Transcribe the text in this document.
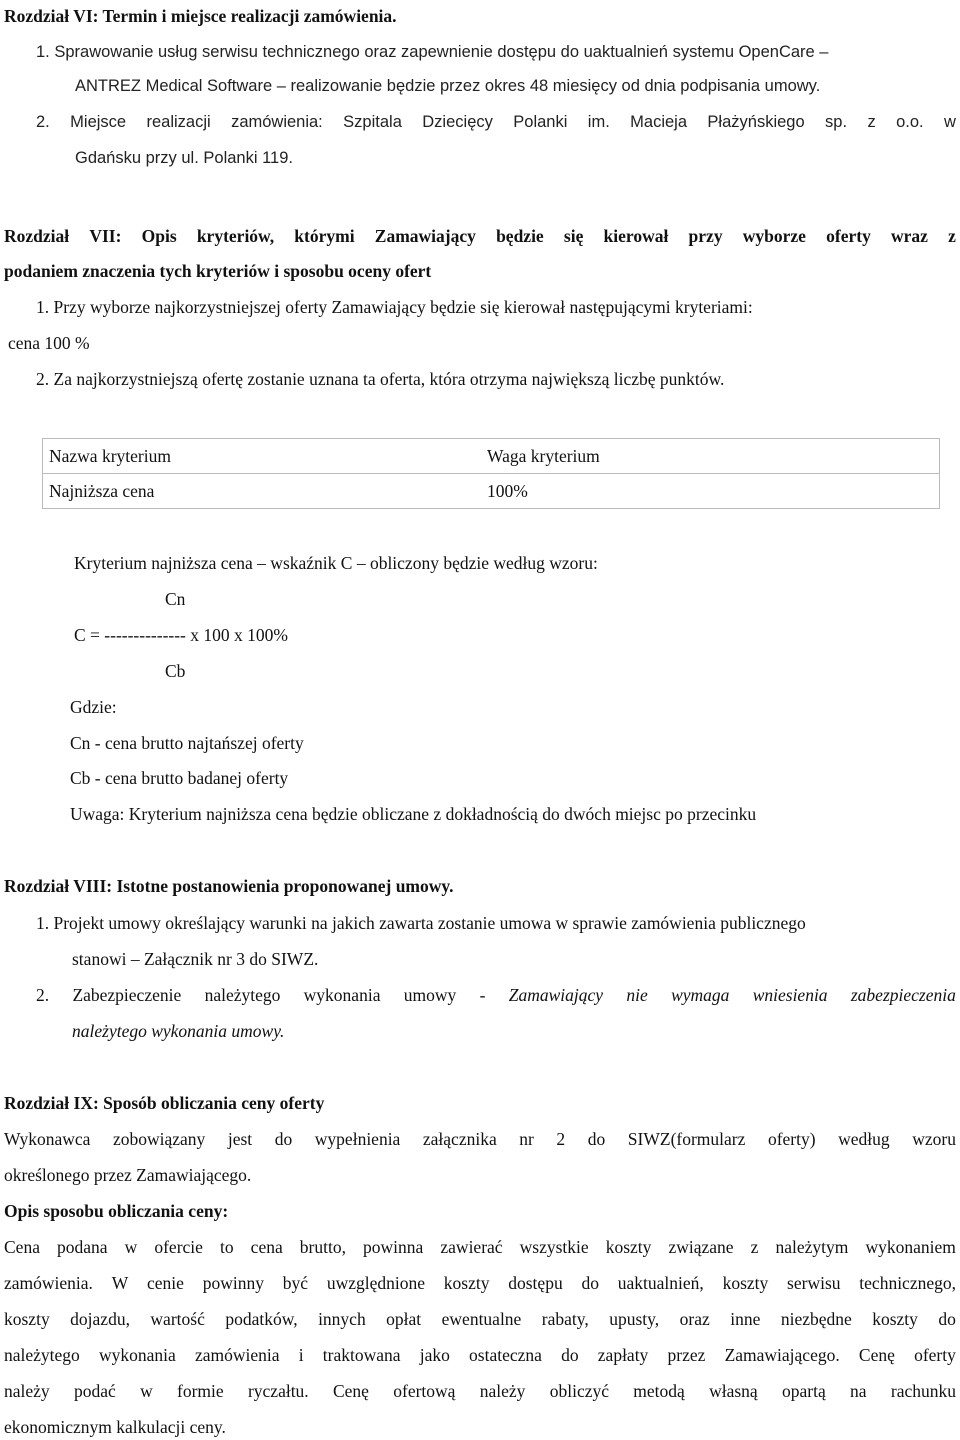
Rozdział VI: Termin i miejsce realizacji zamówienia.
1. Sprawowanie usług serwisu technicznego oraz zapewnienie dostępu do uaktualnień systemu OpenCare –
ANTREZ Medical Software – realizowanie będzie przez okres 48 miesięcy od dnia podpisania umowy.
2. Miejsce realizacji zamówienia: Szpitala Dziecięcy Polanki im. Macieja Płażyńskiego sp. z o.o. w
Gdańsku przy ul. Polanki 119.
Rozdział VII: Opis kryteriów, którymi Zamawiający będzie się kierował przy wyborze oferty wraz z
podaniem znaczenia tych kryteriów i sposobu oceny ofert
1. Przy wyborze najkorzystniejszej oferty Zamawiający będzie się kierował następującymi kryteriami:
cena 100 %
2. Za najkorzystniejszą ofertę zostanie uznana ta oferta, która otrzyma największą liczbę punktów.
Nazwa kryterium	Waga kryterium
Najniższa cena	100%
Kryterium najniższa cena – wskaźnik C – obliczony będzie według wzoru:
Cn
C = -------------- x 100 x 100%
Cb
Gdzie:
Cn - cena brutto najtańszej oferty
Cb - cena brutto badanej oferty
Uwaga: Kryterium najniższa cena będzie obliczane z dokładnością do dwóch miejsc po przecinku
Rozdział VIII: Istotne postanowienia proponowanej umowy.
1. Projekt umowy określający warunki na jakich zawarta zostanie umowa w sprawie zamówienia publicznego
stanowi – Załącznik nr 3 do SIWZ.
2. Zabezpieczenie należytego wykonania umowy - Zamawiający nie wymaga wniesienia zabezpieczenia
należytego wykonania umowy.
Rozdział IX: Sposób obliczania ceny oferty
Wykonawca zobowiązany jest do wypełnienia załącznika nr 2 do SIWZ(formularz oferty) według wzoru
określonego przez Zamawiającego.
Opis sposobu obliczania ceny:
Cena podana w ofercie to cena brutto, powinna zawierać wszystkie koszty związane z należytym wykonaniem
zamówienia. W cenie powinny być uwzględnione koszty dostępu do uaktualnień, koszty serwisu technicznego,
koszty dojazdu, wartość podatków, innych opłat ewentualne rabaty, upusty, oraz inne niezbędne koszty do
należytego wykonania zamówienia i traktowana jako ostateczna do zapłaty przez Zamawiającego. Cenę oferty
należy podać w formie ryczałtu. Cenę ofertową należy obliczyć metodą własną opartą na rachunku
ekonomicznym kalkulacji ceny.
